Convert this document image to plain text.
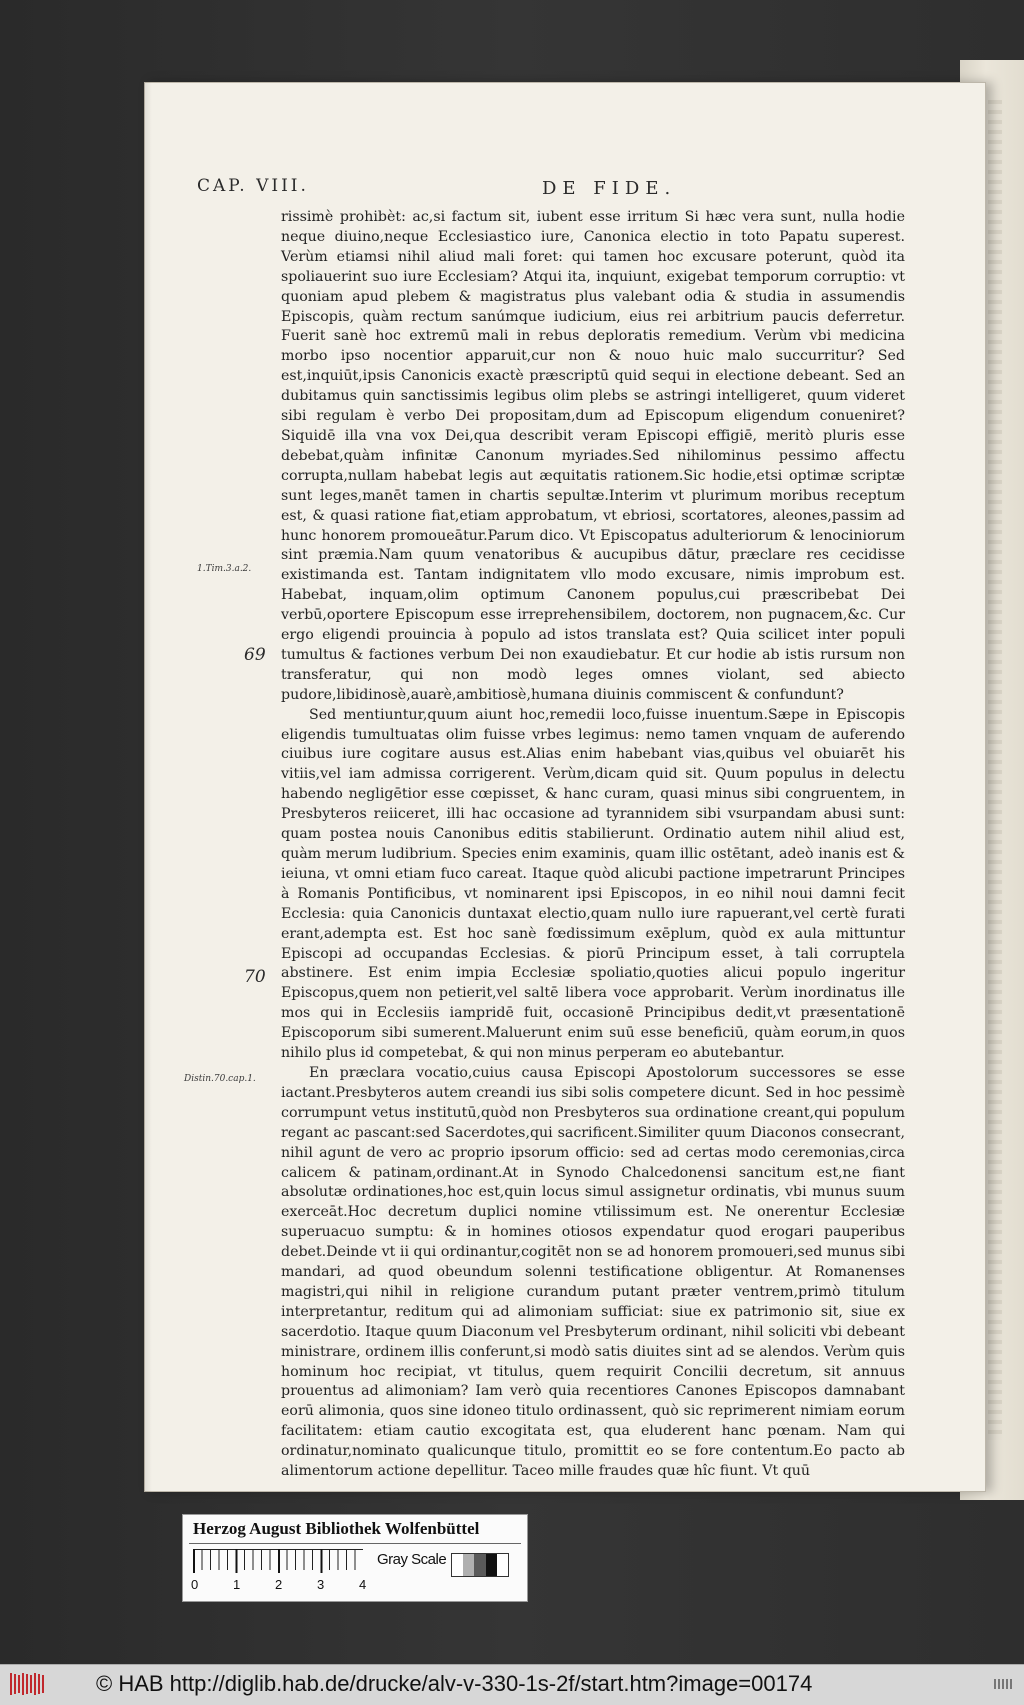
CAP. VIII.	DE FIDE.

rissimè prohibèt: ac,si factum sit, iubent esse irritum Si hæc vera sunt, nulla hodie neque diuino,neque Ecclesiastico iure, Canonica electio in toto Papatu superest. Verùm etiamsi nihil aliud mali foret: qui tamen hoc excusare poterunt, quòd ita spoliauerint suo iure Ecclesiam? Atqui ita, inquiunt, exigebat temporum corruptio: vt quoniam apud plebem & magistratus plus valebant odia & studia in assumendis Episcopis, quàm rectum sanúmque iudicium, eius rei arbitrium paucis deferretur. Fuerit sanè hoc extremū mali in rebus deploratis remedium. Verùm vbi medicina morbo ipso nocentior apparuit,cur non & nouo huic malo succurritur? Sed est,inquiūt,ipsis Canonicis exactè præscriptū quid sequi in electione debeant. Sed an dubitamus quin sanctissimis legibus olim plebs se astringi intelligeret, quum videret sibi regulam è verbo Dei propositam,dum ad Episcopum eligendum conueniret? Siquidē illa vna vox Dei,qua describit veram Episcopi effigiē, meritò pluris esse debebat,quàm infinitæ Canonum myriades.Sed nihilominus pessimo affectu corrupta,nullam habebat legis aut æquitatis rationem.Sic hodie,etsi optimæ scriptæ sunt leges,manēt tamen in chartis sepultæ.Interim vt plurimum moribus receptum est, & quasi ratione fiat,etiam approbatum, vt ebriosi, scortatores, aleones,passim ad hunc honorem promoueātur.Parum dico. Vt Episcopatus adulteriorum & lenociniorum sint præmia.Nam quum venatoribus & aucupibus dātur, præclare res cecidisse existimanda est. Tantam indignitatem vllo modo excusare, nimis improbum est. Habebat, inquam,olim optimum Canonem populus,cui præscribebat Dei verbū,oportere Episcopum esse irreprehensibilem, doctorem, non pugnacem,&c. Cur ergo eligendi prouincia à populo ad istos translata est? Quia scilicet inter populi tumultus & factiones verbum Dei non exaudiebatur. Et cur hodie ab istis rursum non transferatur, qui non modò leges omnes violant, sed abiecto pudore,libidinosè,auarè,ambitiosè,humana diuinis commiscent & confundunt?

Sed mentiuntur,quum aiunt hoc,remedii loco,fuisse inuentum.Sæpe in Episcopis eligendis tumultuatas olim fuisse vrbes legimus: nemo tamen vnquam de auferendo ciuibus iure cogitare ausus est.Alias enim habebant vias,quibus vel obuiarēt his vitiis,vel iam admissa corrigerent. Verùm,dicam quid sit. Quum populus in delectu habendo negligētior esse cœpisset, & hanc curam, quasi minus sibi congruentem, in Presbyteros reiiceret, illi hac occasione ad tyrannidem sibi vsurpandam abusi sunt: quam postea nouis Canonibus editis stabilierunt. Ordinatio autem nihil aliud est, quàm merum ludibrium. Species enim examinis, quam illic ostētant, adeò inanis est & ieiuna, vt omni etiam fuco careat. Itaque quòd alicubi pactione impetrarunt Principes à Romanis Pontificibus, vt nominarent ipsi Episcopos, in eo nihil noui damni fecit Ecclesia: quia Canonicis duntaxat electio,quam nullo iure rapuerant,vel certè furati erant,adempta est. Est hoc sanè fœdissimum exēplum, quòd ex aula mittuntur Episcopi ad occupandas Ecclesias. & piorū Principum esset, à tali corruptela abstinere. Est enim impia Ecclesiæ spoliatio,quoties alicui populo ingeritur Episcopus,quem non petierit,vel saltē libera voce approbarit. Verùm inordinatus ille mos qui in Ecclesiis iampridē fuit, occasionē Principibus dedit,vt præsentationē Episcoporum sibi sumerent.Maluerunt enim suū esse beneficiū, quàm eorum,in quos nihilo plus id competebat, & qui non minus perperam eo abutebantur.

En præclara vocatio,cuius causa Episcopi Apostolorum successores se esse iactant.Presbyteros autem creandi ius sibi solis competere dicunt. Sed in hoc pessimè corrumpunt vetus institutū,quòd non Presbyteros sua ordinatione creant,qui populum regant ac pascant:sed Sacerdotes,qui sacrificent.Similiter quum Diaconos consecrant, nihil agunt de vero ac proprio ipsorum officio: sed ad certas modo ceremonias,circa calicem & patinam,ordinant.At in Synodo Chalcedonensi sancitum est,ne fiant absolutæ ordinationes,hoc est,quin locus simul assignetur ordinatis, vbi munus suum exerceāt.Hoc decretum duplici nomine vtilissimum est. Ne onerentur Ecclesiæ superuacuo sumptu: & in homines otiosos expendatur quod erogari pauperibus debet.Deinde vt ii qui ordinantur,cogitēt non se ad honorem promoueri,sed munus sibi mandari, ad quod obeundum solenni testificatione obligentur. At Romanenses magistri,qui nihil in religione curandum putant præter ventrem,primò titulum interpretantur, reditum qui ad alimoniam sufficiat: siue ex patrimonio sit, siue ex sacerdotio. Itaque quum Diaconum vel Presbyterum ordinant, nihil soliciti vbi debeant ministrare, ordinem illis conferunt,si modò satis diuites sint ad se alendos. Verùm quis hominum hoc recipiat, vt titulus, quem requirit Concilii decretum, sit annuus prouentus ad alimoniam? Iam verò quia recentiores Canones Episcopos damnabant eorū alimonia, quos sine idoneo titulo ordinassent, quò sic reprimerent nimiam eorum facilitatem: etiam cautio excogitata est, qua eluderent hanc pœnam. Nam qui ordinatur,nominato qualicunque titulo, promittit eo se fore contentum.Eo pacto ab alimentorum actione depellitur. Taceo mille fraudes quæ hîc fiunt. Vt quū

1.Tim.3.a.2.
Distin.70.cap.1.
69
70
Herzog August Bibliothek Wolfenbüttel
0	1	2	3	4
Gray Scale
© HAB http://diglib.hab.de/drucke/alv-v-330-1s-2f/start.htm?image=00174
